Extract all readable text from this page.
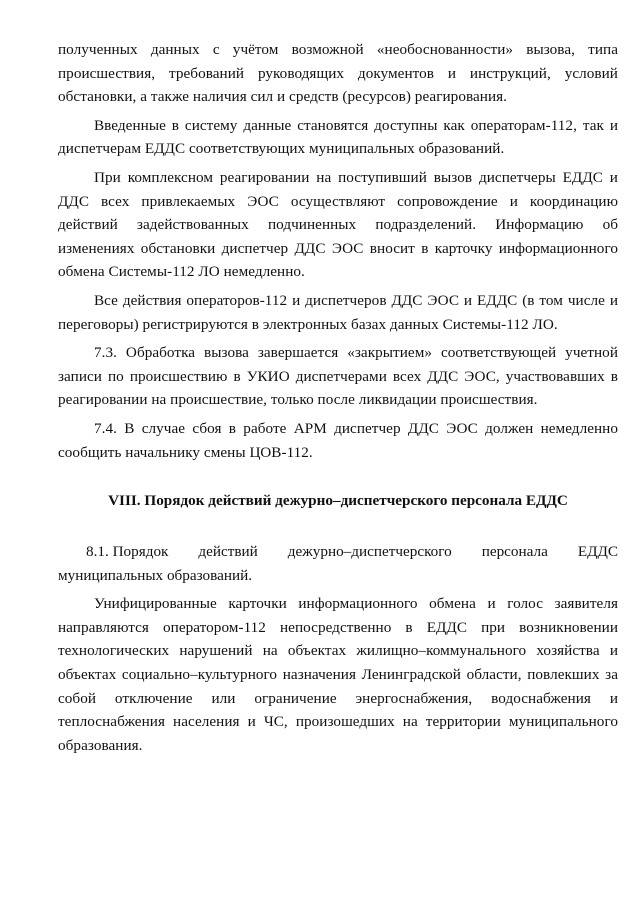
полученных данных с учётом возможной «необоснованности» вызова, типа происшествия, требований руководящих документов и инструкций, условий обстановки, а также наличия сил и средств (ресурсов) реагирования.

Введенные в систему данные становятся доступны как операторам-112, так и диспетчерам ЕДДС соответствующих муниципальных образований.

При комплексном реагировании на поступивший вызов диспетчеры ЕДДС и ДДС всех привлекаемых ЭОС осуществляют сопровождение и координацию действий задействованных подчиненных подразделений. Информацию об изменениях обстановки диспетчер ДДС ЭОС вносит в карточку информационного обмена Системы-112 ЛО немедленно.

Все действия операторов-112 и диспетчеров ДДС ЭОС и ЕДДС (в том числе и переговоры) регистрируются в электронных базах данных Системы-112 ЛО.

7.3. Обработка вызова завершается «закрытием» соответствующей учетной записи по происшествию в УКИО диспетчерами всех ДДС ЭОС, участвовавших в реагировании на происшествие, только после ликвидации происшествия.

7.4. В случае сбоя в работе АРМ диспетчер ДДС ЭОС должен немедленно сообщить начальнику смены ЦОВ-112.

VIII. Порядок действий дежурно–диспетчерского персонала ЕДДС
8.1. Порядок действий дежурно–диспетчерского персонала ЕДДС
муниципальных образований.

Унифицированные карточки информационного обмена и голос заявителя направляются оператором-112 непосредственно в ЕДДС при возникновении технологических нарушений на объектах жилищно–коммунального хозяйства и объектах социально–культурного назначения Ленинградской области, повлекших за собой отключение или ограничение энергоснабжения, водоснабжения и теплоснабжения населения и ЧС, произошедших на территории муниципального образования.
